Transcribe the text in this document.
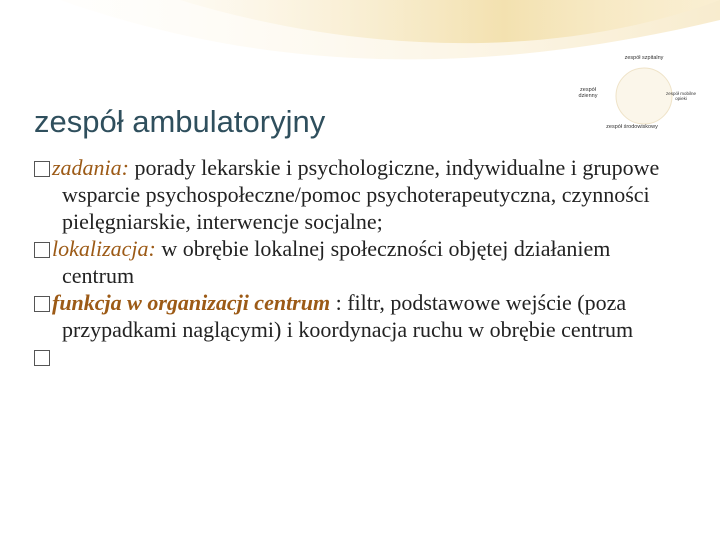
zespół szpitalny
zespół dzienny	zespół mobilne opieki
zespół środowiskowy
zespół ambulatoryjny

zadania: porady lekarskie i psychologiczne, indywidualne i grupowe wsparcie psychospołeczne/pomoc psychoterapeutyczna, czynności pielęgniarskie, interwencje socjalne;

lokalizacja: w obrębie lokalnej społeczności objętej działaniem centrum

funkcja w organizacji centrum : filtr, podstawowe wejście (poza przypadkami naglącymi) i koordynacja ruchu w obrębie centrum
